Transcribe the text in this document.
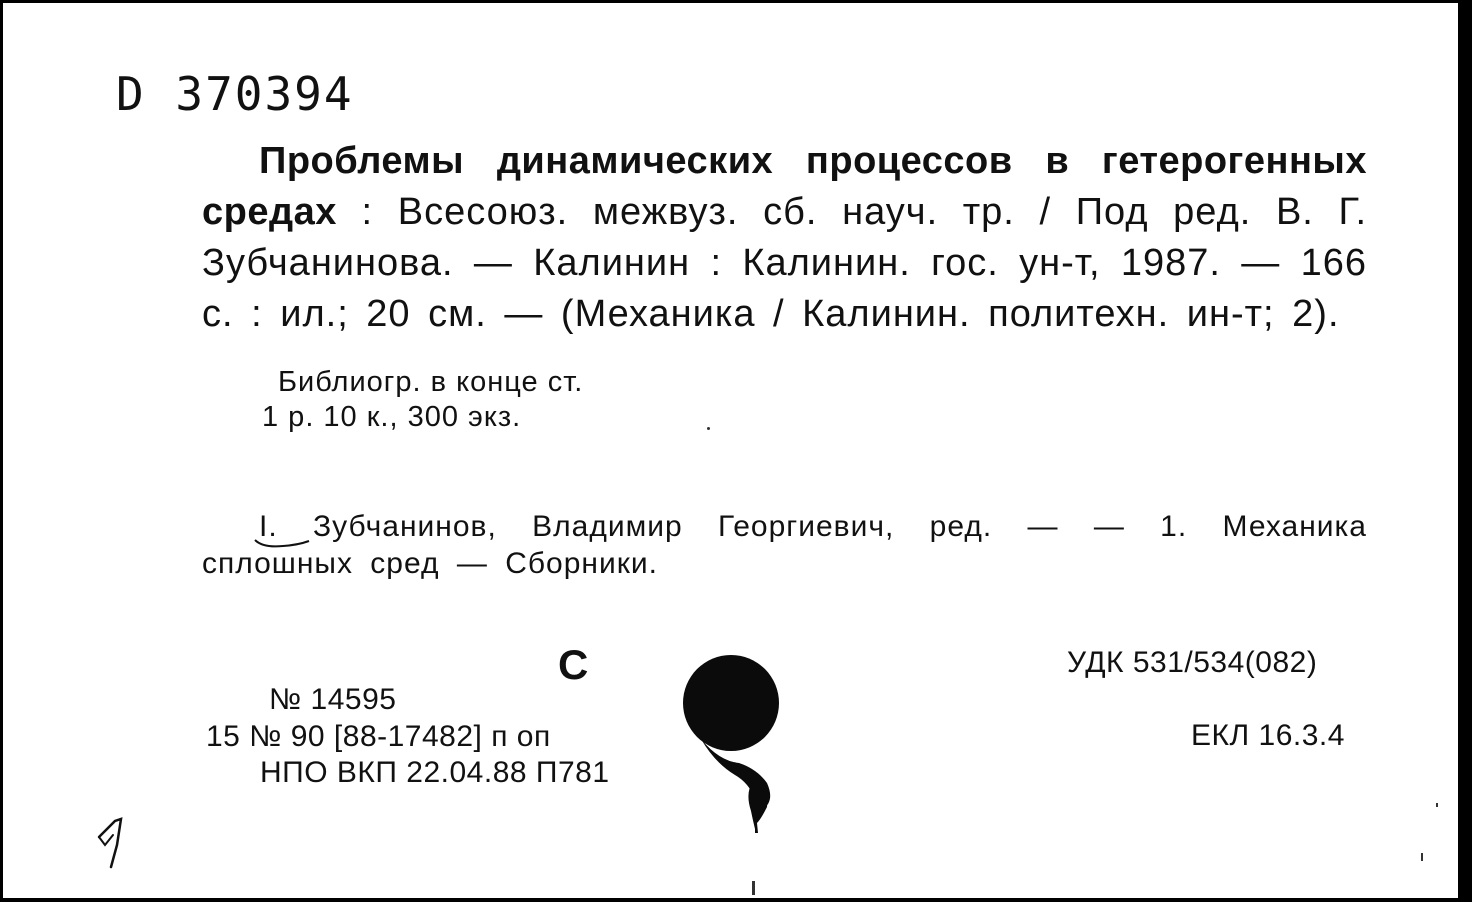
D 370394
Проблемы динамических процессов в гетерогенных средах : Всесоюз. межвуз. сб. науч. тр. / Под ред. В. Г. Зубчанинова. — Калинин : Калинин. гос. ун-т, 1987. — 166 с. : ил.; 20 см. — (Механика / Калинин. политехн. ин-т; 2).
Библиогр. в конце ст.
1 р. 10 к., 300 экз.
I.
Зубчанинов, Владимир Георгиевич, ред. — — 1. Механика сплошных сред — Сборники.
С
№ 14595
15 № 90 [88-17482] п оп
НПО ВКП 22.04.88 П781
УДК 531/534(082)
ЕКЛ 16.3.4
